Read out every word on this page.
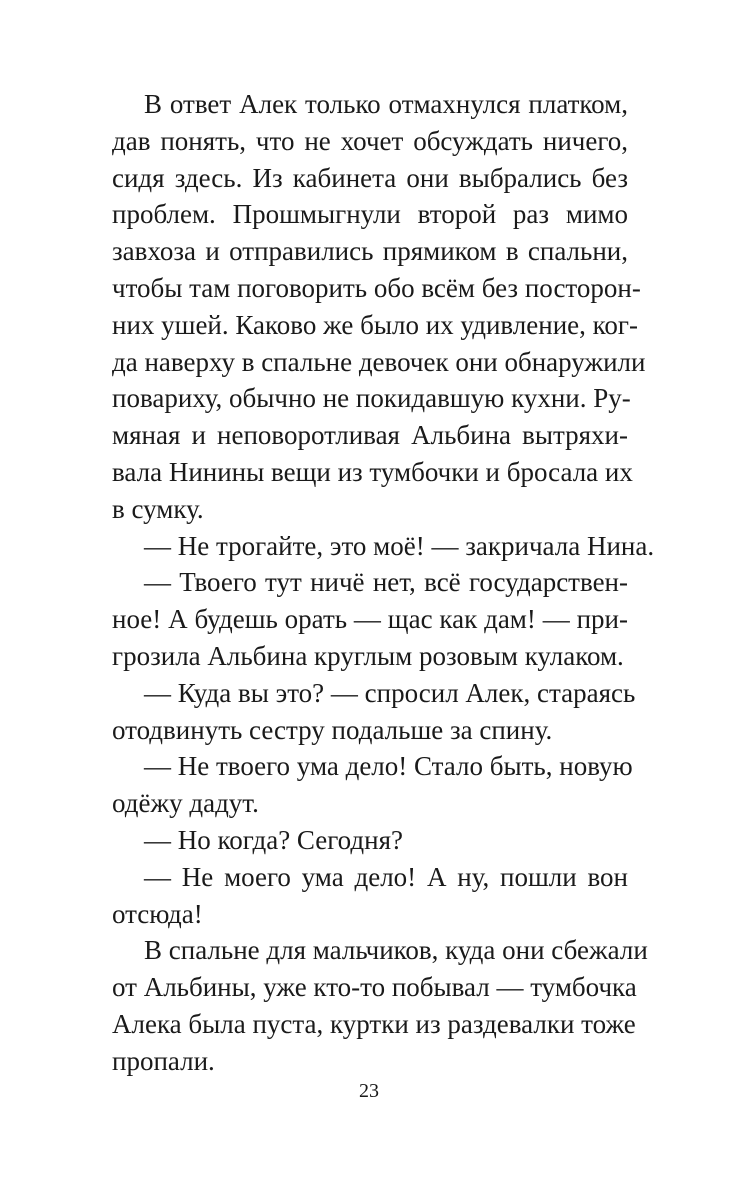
В ответ Алек только отмахнулся платком,
дав понять, что не хочет обсуждать ничего,
сидя здесь. Из кабинета они выбрались без
проблем. Прошмыгнули второй раз мимо
завхоза и отправились прямиком в спальни,
чтобы там поговорить обо всём без посторон-
них ушей. Каково же было их удивление, ког-
да наверху в спальне девочек они обнаружили
повариху, обычно не покидавшую кухни. Ру-
мяная и неповоротливая Альбина вытряхи-
вала Нинины вещи из тумбочки и бросала их
в сумку.
— Не трогайте, это моё! — закричала Нина.
— Твоего тут ничё нет, всё государствен-
ное! А будешь орать — щас как дам! — при-
грозила Альбина круглым розовым кулаком.
— Куда вы это? — спросил Алек, стараясь
отодвинуть сестру подальше за спину.
— Не твоего ума дело! Стало быть, новую
одёжу дадут.
— Но когда? Сегодня?
— Не моего ума дело! А ну, пошли вон
отсюда!
В спальне для мальчиков, куда они сбежали
от Альбины, уже кто-то побывал — тумбочка
Алека была пуста, куртки из раздевалки тоже
пропали.
23
